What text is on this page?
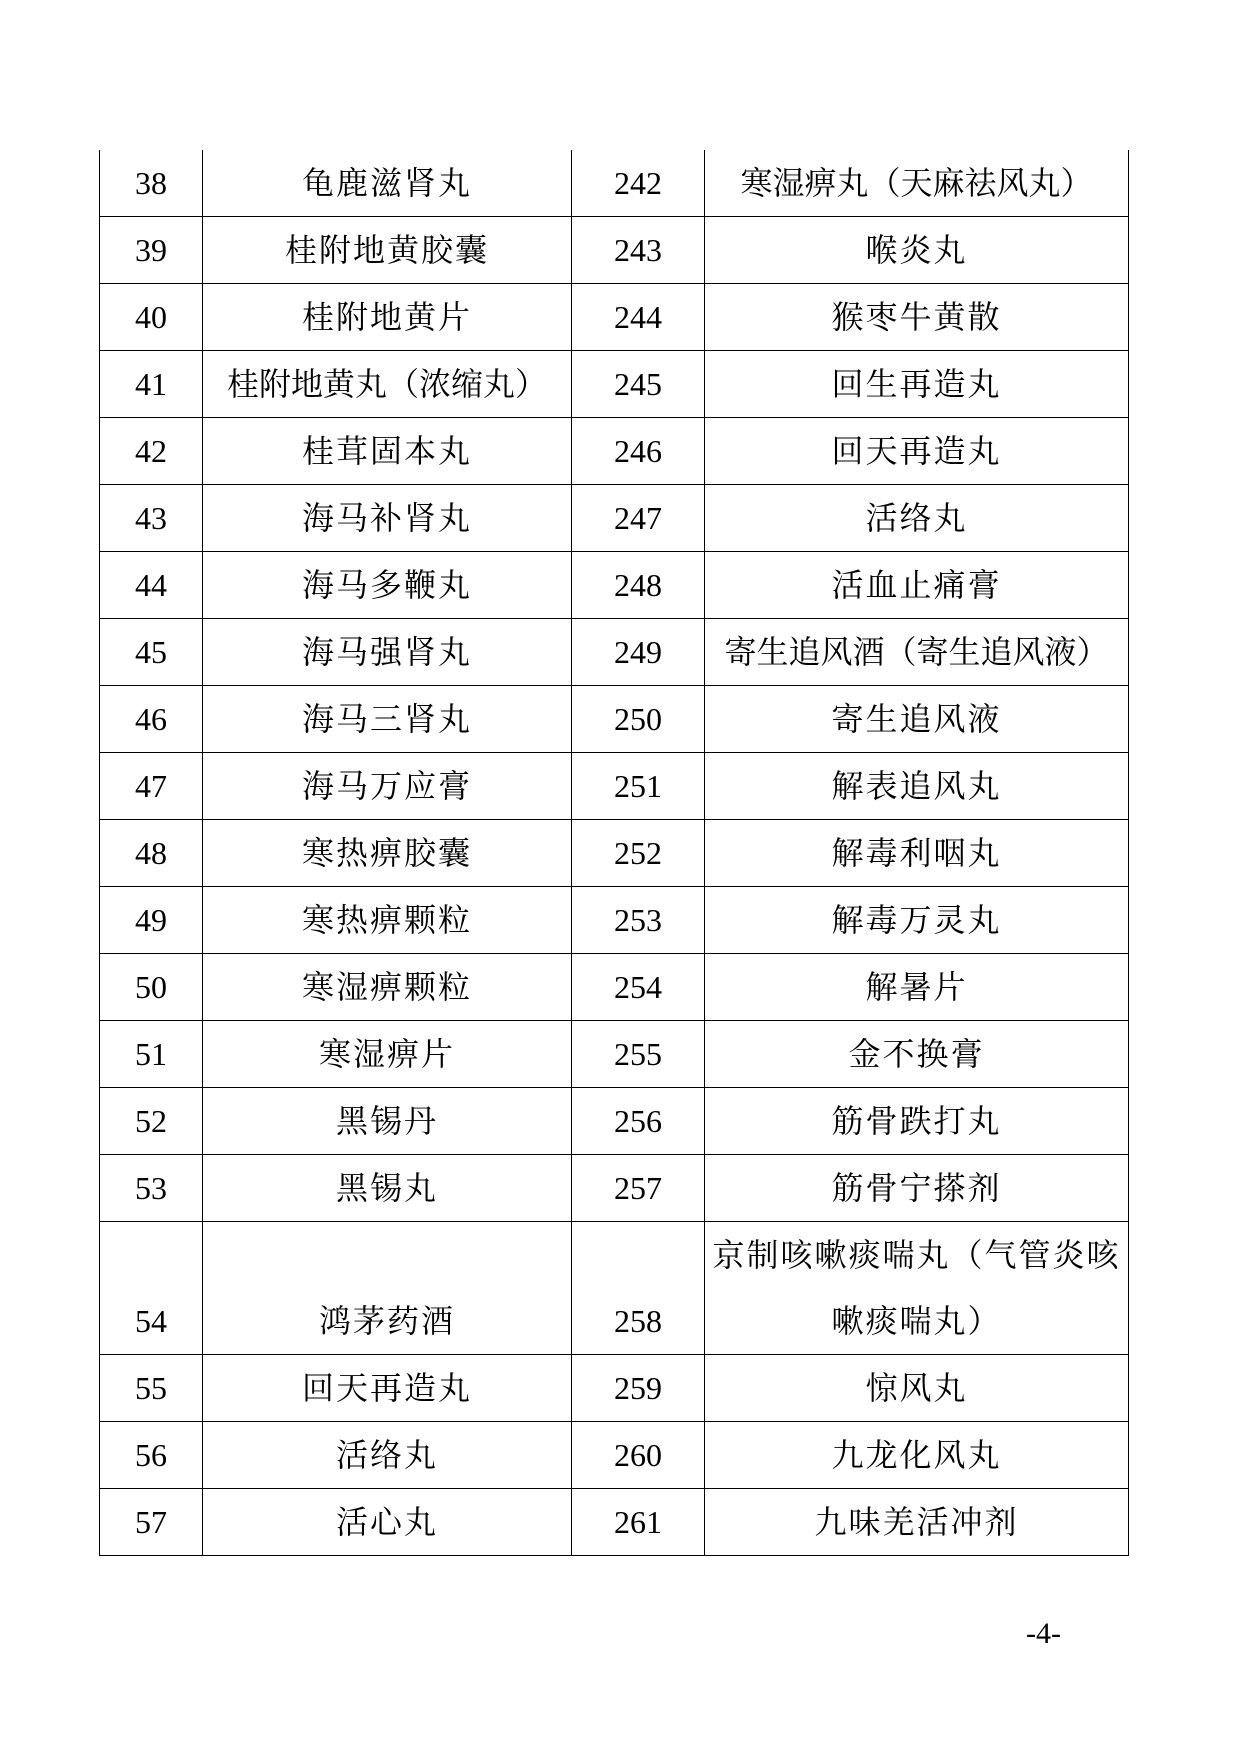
38	龟鹿滋肾丸	242	寒湿痹丸（天麻祛风丸）
39	桂附地黄胶囊	243	喉炎丸
40	桂附地黄片	244	猴枣牛黄散
41	桂附地黄丸（浓缩丸）	245	回生再造丸
42	桂茸固本丸	246	回天再造丸
43	海马补肾丸	247	活络丸
44	海马多鞭丸	248	活血止痛膏
45	海马强肾丸	249	寄生追风酒（寄生追风液）
46	海马三肾丸	250	寄生追风液
47	海马万应膏	251	解表追风丸
48	寒热痹胶囊	252	解毒利咽丸
49	寒热痹颗粒	253	解毒万灵丸
50	寒湿痹颗粒	254	解暑片
51	寒湿痹片	255	金不换膏
52	黑锡丹	256	筋骨跌打丸
53	黑锡丸	257	筋骨宁搽剂
54	鸿茅药酒	258	京制咳嗽痰喘丸（气管炎咳嗽痰喘丸）
55	回天再造丸	259	惊风丸
56	活络丸	260	九龙化风丸
57	活心丸	261	九味羌活冲剂
-4-
